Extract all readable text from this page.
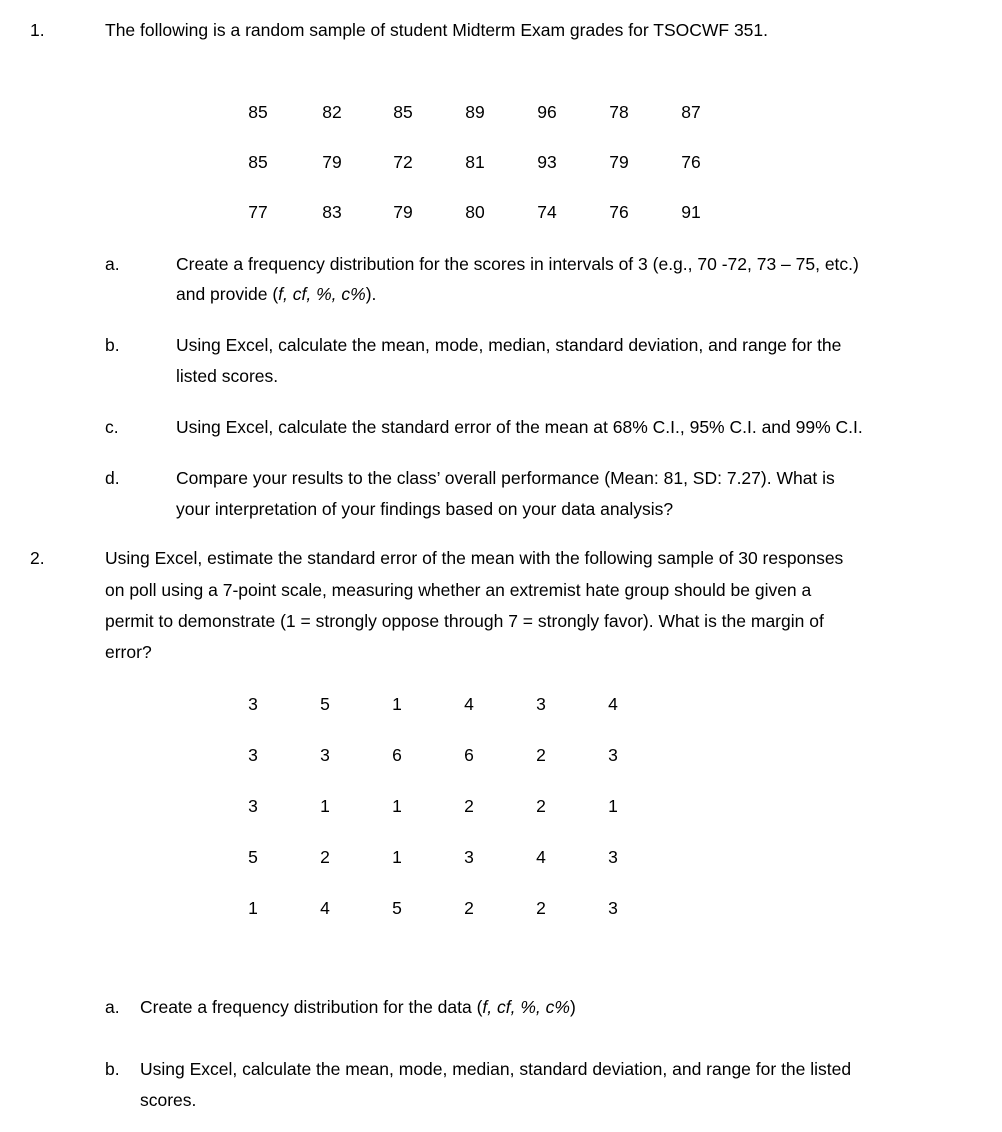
1.	The following is a random sample of student Midterm Exam grades for TSOCWF 351.
85	82	85	89	96	78	87
85	79	72	81	93	79	76
77	83	79	80	74	76	91
a.	Create a frequency distribution for the scores in intervals of 3 (e.g., 70 -72, 73 – 75, etc.)
and provide (f, cf, %, c%).
b.	Using Excel, calculate the mean, mode, median, standard deviation, and range for the
listed scores.
c.	Using Excel, calculate the standard error of the mean at 68% C.I., 95% C.I. and 99% C.I.
d.	Compare your results to the class’ overall performance (Mean: 81, SD: 7.27). What is
your interpretation of your findings based on your data analysis?
2.	Using Excel, estimate the standard error of the mean with the following sample of 30 responses
on poll using a 7-point scale, measuring whether an extremist hate group should be given a
permit to demonstrate (1 = strongly oppose through 7 = strongly favor). What is the margin of
error?
3	5	1	4	3	4
3	3	6	6	2	3
3	1	1	2	2	1
5	2	1	3	4	3
1	4	5	2	2	3
a. Create a frequency distribution for the data (f, cf, %, c%)
b. Using Excel, calculate the mean, mode, median, standard deviation, and range for the listed
scores.
